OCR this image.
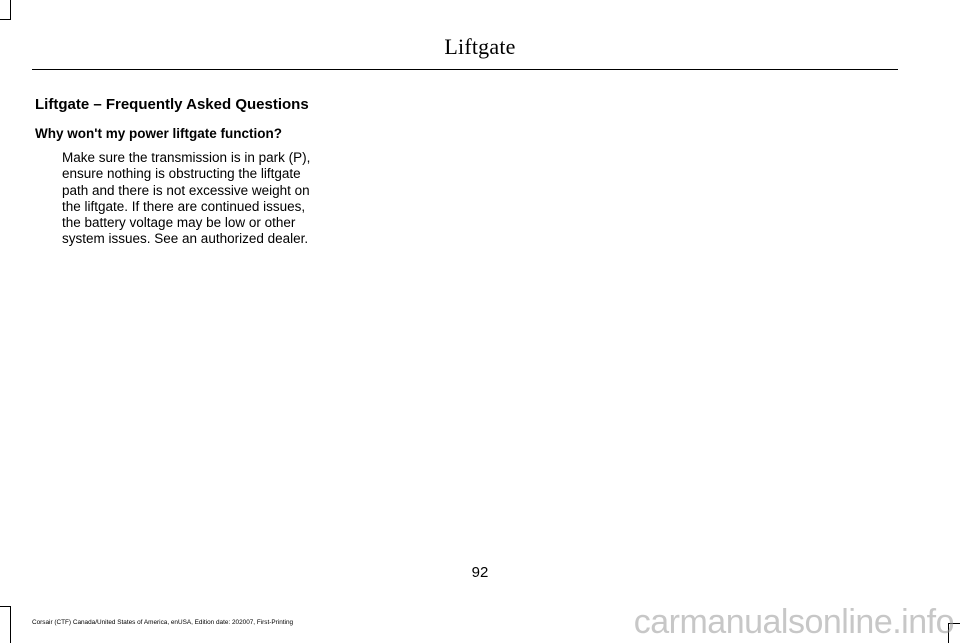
Liftgate
Liftgate – Frequently Asked Questions
Why won't my power liftgate function?
Make sure the transmission is in park (P), ensure nothing is obstructing the liftgate path and there is not excessive weight on the liftgate. If there are continued issues, the battery voltage may be low or other system issues. See an authorized dealer.
92
Corsair (CTF) Canada/United States of America, enUSA, Edition date: 202007, First-Printing	carmanualsonline.info
